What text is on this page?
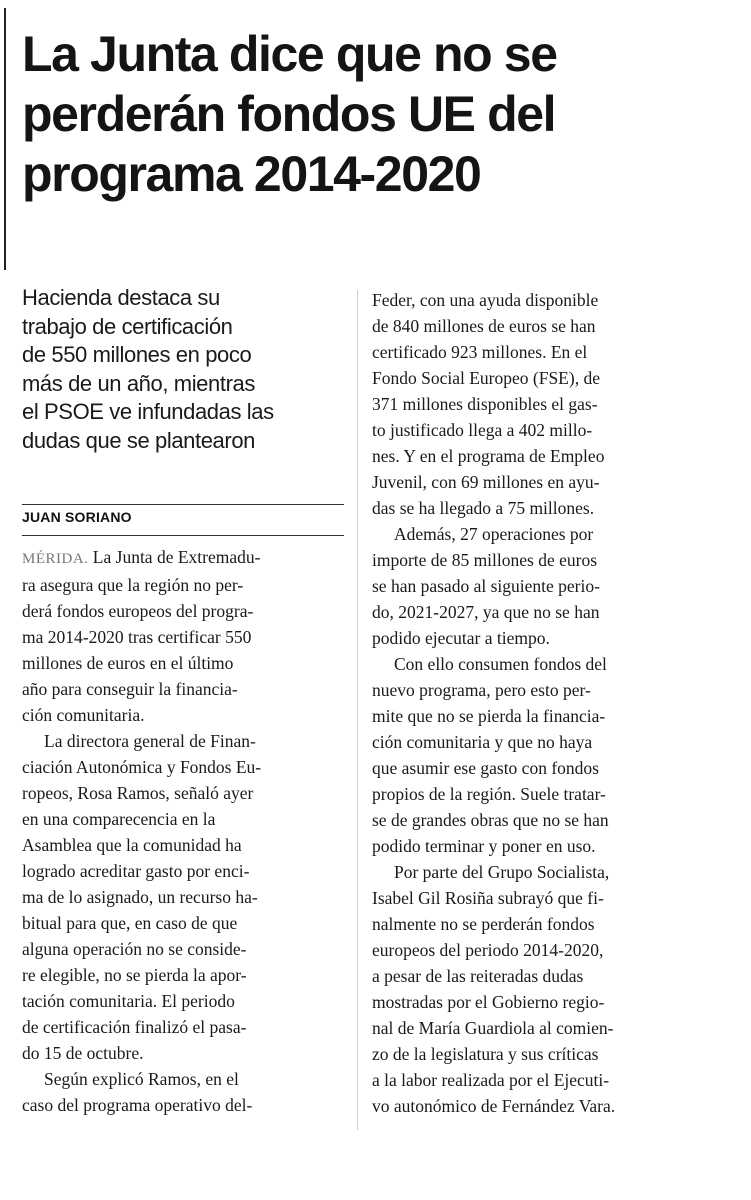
La Junta dice que no se
perderán fondos UE del
programa 2014-2020

Hacienda destaca su
trabajo de certificación
de 550 millones en poco
más de un año, mientras
el PSOE ve infundadas las
dudas que se plantearon

JUAN SORIANO
MÉRIDA. La Junta de Extremadu-
ra asegura que la región no per-
derá fondos europeos del progra-
ma 2014-2020 tras certificar 550
millones de euros en el último
año para conseguir la financia-
ción comunitaria.
La directora general de Finan-
ciación Autonómica y Fondos Eu-
ropeos, Rosa Ramos, señaló ayer
en una comparecencia en la
Asamblea que la comunidad ha
logrado acreditar gasto por enci-
ma de lo asignado, un recurso ha-
bitual para que, en caso de que
alguna operación no se conside-
re elegible, no se pierda la apor-
tación comunitaria. El periodo
de certificación finalizó el pasa-
do 15 de octubre.
Según explicó Ramos, en el
caso del programa operativo del-
Feder, con una ayuda disponible
de 840 millones de euros se han
certificado 923 millones. En el
Fondo Social Europeo (FSE), de
371 millones disponibles el gas-
to justificado llega a 402 millo-
nes. Y en el programa de Empleo
Juvenil, con 69 millones en ayu-
das se ha llegado a 75 millones.
Además, 27 operaciones por
importe de 85 millones de euros
se han pasado al siguiente perio-
do, 2021-2027, ya que no se han
podido ejecutar a tiempo.
Con ello consumen fondos del
nuevo programa, pero esto per-
mite que no se pierda la financia-
ción comunitaria y que no haya
que asumir ese gasto con fondos
propios de la región. Suele tratar-
se de grandes obras que no se han
podido terminar y poner en uso.
Por parte del Grupo Socialista,
Isabel Gil Rosiña subrayó que fi-
nalmente no se perderán fondos
europeos del periodo 2014-2020,
a pesar de las reiteradas dudas
mostradas por el Gobierno regio-
nal de María Guardiola al comien-
zo de la legislatura y sus críticas
a la labor realizada por el Ejecuti-
vo autonómico de Fernández Vara.
